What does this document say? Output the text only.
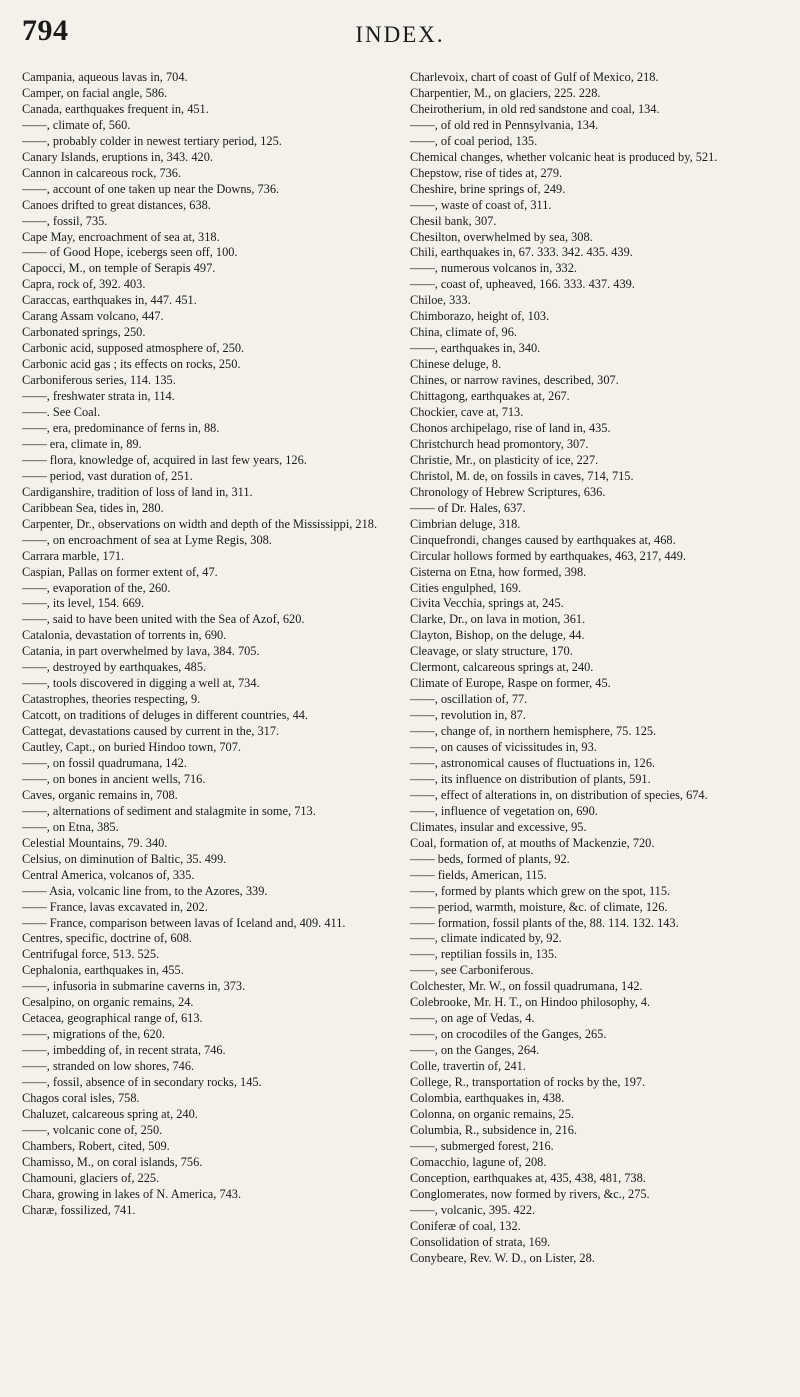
794	INDEX.
Campania, aqueous lavas in, 704.
Camper, on facial angle, 586.
Canada, earthquakes frequent in, 451.
——, climate of, 560.
——, probably colder in newest tertiary period, 125.
Canary Islands, eruptions in, 343. 420.
Cannon in calcareous rock, 736.
——, account of one taken up near the Downs, 736.
Canoes drifted to great distances, 638.
——, fossil, 735.
Cape May, encroachment of sea at, 318.
—— of Good Hope, icebergs seen off, 100.
Capocci, M., on temple of Serapis 497.
Capra, rock of, 392. 403.
Caraccas, earthquakes in, 447. 451.
Carang Assam volcano, 447.
Carbonated springs, 250.
Carbonic acid, supposed atmosphere of, 250.
Carbonic acid gas ; its effects on rocks, 250.
Carboniferous series, 114. 135.
——, freshwater strata in, 114.
——. See Coal.
——, era, predominance of ferns in, 88.
—— era, climate in, 89.
—— flora, knowledge of, acquired in last few years, 126.
—— period, vast duration of, 251.
Cardiganshire, tradition of loss of land in, 311.
Caribbean Sea, tides in, 280.
Carpenter, Dr., observations on width and depth of the Mississippi, 218.
——, on encroachment of sea at Lyme Regis, 308.
Carrara marble, 171.
Caspian, Pallas on former extent of, 47.
——, evaporation of the, 260.
——, its level, 154. 669.
——, said to have been united with the Sea of Azof, 620.
Catalonia, devastation of torrents in, 690.
Catania, in part overwhelmed by lava, 384. 705.
——, destroyed by earthquakes, 485.
——, tools discovered in digging a well at, 734.
Catastrophes, theories respecting, 9.
Catcott, on traditions of deluges in different countries, 44.
Cattegat, devastations caused by current in the, 317.
Cautley, Capt., on buried Hindoo town, 707.
——, on fossil quadrumana, 142.
——, on bones in ancient wells, 716.
Caves, organic remains in, 708.
——, alternations of sediment and stalagmite in some, 713.
——, on Etna, 385.
Celestial Mountains, 79. 340.
Celsius, on diminution of Baltic, 35. 499.
Central America, volcanos of, 335.
—— Asia, volcanic line from, to the Azores, 339.
—— France, lavas excavated in, 202.
—— France, comparison between lavas of Iceland and, 409. 411.
Centres, specific, doctrine of, 608.
Centrifugal force, 513. 525.
Cephalonia, earthquakes in, 455.
——, infusoria in submarine caverns in, 373.
Cesalpino, on organic remains, 24.
Cetacea, geographical range of, 613.
——, migrations of the, 620.
——, imbedding of, in recent strata, 746.
——, stranded on low shores, 746.
——, fossil, absence of in secondary rocks, 145.
Chagos coral isles, 758.
Chaluzet, calcareous spring at, 240.
——, volcanic cone of, 250.
Chambers, Robert, cited, 509.
Chamisso, M., on coral islands, 756.
Chamouni, glaciers of, 225.
Chara, growing in lakes of N. America, 743.
Charæ, fossilized, 741.
Charlevoix, chart of coast of Gulf of Mexico, 218.
Charpentier, M., on glaciers, 225. 228.
Cheirotherium, in old red sandstone and coal, 134.
——, of old red in Pennsylvania, 134.
——, of coal period, 135.
Chemical changes, whether volcanic heat is produced by, 521.
Chepstow, rise of tides at, 279.
Cheshire, brine springs of, 249.
——, waste of coast of, 311.
Chesil bank, 307.
Chesilton, overwhelmed by sea, 308.
Chili, earthquakes in, 67. 333. 342. 435. 439.
——, numerous volcanos in, 332.
——, coast of, upheaved, 166. 333. 437. 439.
Chiloe, 333.
Chimborazo, height of, 103.
China, climate of, 96.
——, earthquakes in, 340.
Chinese deluge, 8.
Chines, or narrow ravines, described, 307.
Chittagong, earthquakes at, 267.
Chockier, cave at, 713.
Chonos archipelago, rise of land in, 435.
Christchurch head promontory, 307.
Christie, Mr., on plasticity of ice, 227.
Christol, M. de, on fossils in caves, 714, 715.
Chronology of Hebrew Scriptures, 636.
—— of Dr. Hales, 637.
Cimbrian deluge, 318.
Cinquefrondi, changes caused by earthquakes at, 468.
Circular hollows formed by earthquakes, 463, 217, 449.
Cisterna on Etna, how formed, 398.
Cities engulphed, 169.
Civita Vecchia, springs at, 245.
Clarke, Dr., on lava in motion, 361.
Clayton, Bishop, on the deluge, 44.
Cleavage, or slaty structure, 170.
Clermont, calcareous springs at, 240.
Climate of Europe, Raspe on former, 45.
——, oscillation of, 77.
——, revolution in, 87.
——, change of, in northern hemisphere, 75. 125.
——, on causes of vicissitudes in, 93.
——, astronomical causes of fluctuations in, 126.
——, its influence on distribution of plants, 591.
——, effect of alterations in, on distribution of species, 674.
——, influence of vegetation on, 690.
Climates, insular and excessive, 95.
Coal, formation of, at mouths of Mackenzie, 720.
—— beds, formed of plants, 92.
—— fields, American, 115.
——, formed by plants which grew on the spot, 115.
—— period, warmth, moisture, &c. of climate, 126.
—— formation, fossil plants of the, 88. 114. 132. 143.
——, climate indicated by, 92.
——, reptilian fossils in, 135.
——, see Carboniferous.
Colchester, Mr. W., on fossil quadrumana, 142.
Colebrooke, Mr. H. T., on Hindoo philosophy, 4.
——, on age of Vedas, 4.
——, on crocodiles of the Ganges, 265.
——, on the Ganges, 264.
Colle, travertin of, 241.
College, R., transportation of rocks by the, 197.
Colombia, earthquakes in, 438.
Colonna, on organic remains, 25.
Columbia, R., subsidence in, 216.
——, submerged forest, 216.
Comacchio, lagune of, 208.
Conception, earthquakes at, 435, 438, 481, 738.
Conglomerates, now formed by rivers, &c., 275.
——, volcanic, 395. 422.
Coniferæ of coal, 132.
Consolidation of strata, 169.
Conybeare, Rev. W. D., on Lister, 28.
